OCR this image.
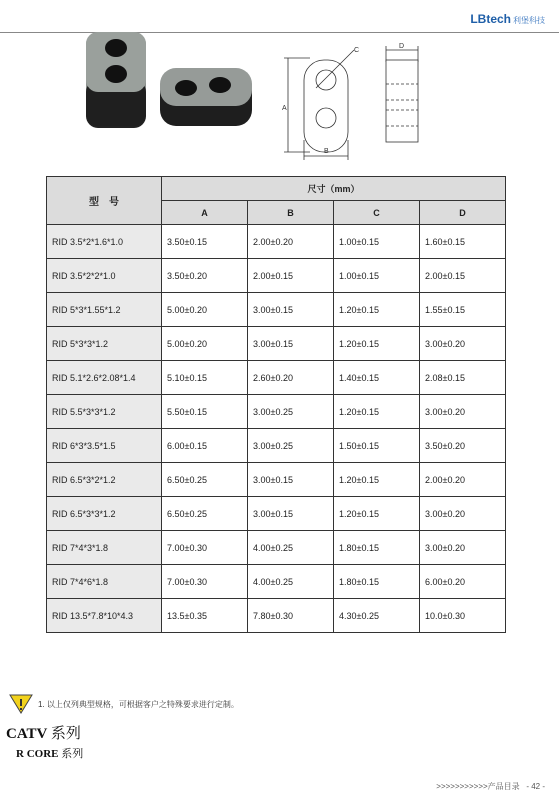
LBtech 利堡科技
A
C
B
D
型　号	尺寸（mm）			
	A	B	C	D
RID 3.5*2*1.6*1.0	3.50±0.15	2.00±0.20	1.00±0.15	1.60±0.15
RID 3.5*2*2*1.0	3.50±0.20	2.00±0.15	1.00±0.15	2.00±0.15
RID 5*3*1.55*1.2	5.00±0.20	3.00±0.15	1.20±0.15	1.55±0.15
RID 5*3*3*1.2	5.00±0.20	3.00±0.15	1.20±0.15	3.00±0.20
RID 5.1*2.6*2.08*1.4	5.10±0.15	2.60±0.20	1.40±0.15	2.08±0.15
RID 5.5*3*3*1.2	5.50±0.15	3.00±0.25	1.20±0.15	3.00±0.20
RID 6*3*3.5*1.5	6.00±0.15	3.00±0.25	1.50±0.15	3.50±0.20
RID 6.5*3*2*1.2	6.50±0.25	3.00±0.15	1.20±0.15	2.00±0.20
RID 6.5*3*3*1.2	6.50±0.25	3.00±0.15	1.20±0.15	3.00±0.20
RID 7*4*3*1.8	7.00±0.30	4.00±0.25	1.80±0.15	3.00±0.20
RID 7*4*6*1.8	7.00±0.30	4.00±0.25	1.80±0.15	6.00±0.20
RID 13.5*7.8*10*4.3	13.5±0.35	7.80±0.30	4.30±0.25	10.0±0.30
1. 以上仅列典型规格，可根据客户之特殊要求进行定制。
CATV 系列
R CORE 系列
>>>>>>>>>>>产品目录 - 42 -
